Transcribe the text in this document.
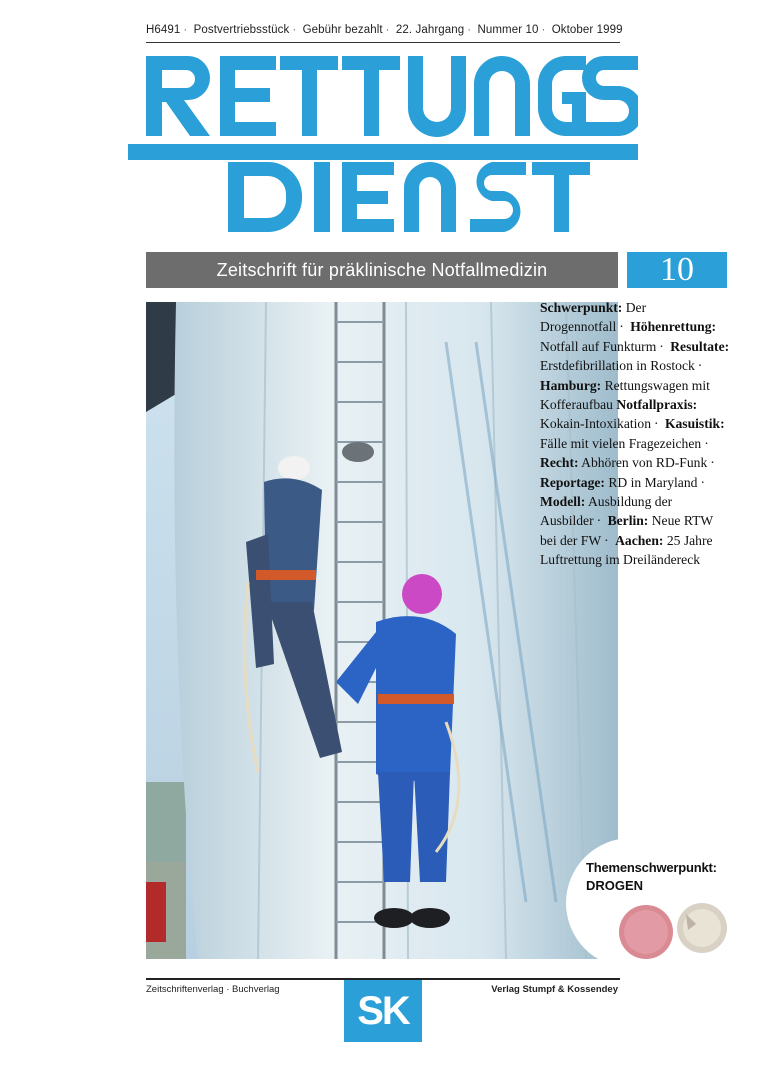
H6491 · Postvertriebsstück · Gebühr bezahlt · 22. Jahrgang · Nummer 10 · Oktober 1999
Zeitschrift für präklinische Notfallmedizin	10
Schwerpunkt: Der Drogennotfall · Höhenrettung: Notfall auf Funkturm · Resultate: Erstdefibrillation in Rostock · Hamburg: Rettungswagen mit Kofferaufbau Notfallpraxis: Kokain-Intoxikation · Kasuistik: Fälle mit vielen Fragezeichen · Recht: Abhören von RD-Funk · Reportage: RD in Maryland · Modell: Ausbildung der Ausbilder · Berlin: Neue RTW bei der FW · Aachen: 25 Jahre Luftrettung im Dreiländereck
Themenschwerpunkt:
DROGEN
Zeitschriftenverlag · Buchverlag SK	Verlag Stumpf & Kossendey
